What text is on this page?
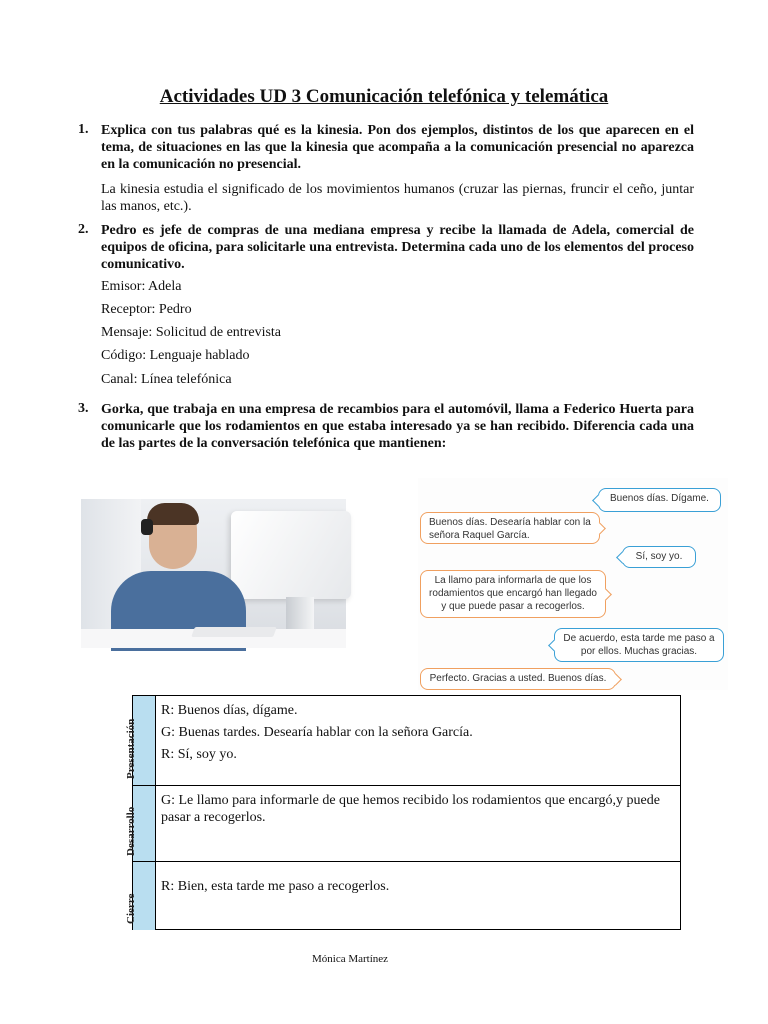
Actividades UD 3 Comunicación telefónica y telemática
1. Explica con tus palabras qué es la kinesia. Pon dos ejemplos, distintos de los que aparecen en el tema, de situaciones en las que la kinesia que acompaña a la comunicación presencial no aparezca en la comunicación no presencial.
La kinesia estudia el significado de los movimientos humanos (cruzar las piernas, fruncir el ceño, juntar las manos, etc.).
2. Pedro es jefe de compras de una mediana empresa y recibe la llamada de Adela, comercial de equipos de oficina, para solicitarle una entrevista. Determina cada uno de los elementos del proceso comunicativo.
Emisor: Adela
Receptor: Pedro
Mensaje: Solicitud de entrevista
Código: Lenguaje hablado
Canal: Línea telefónica
3. Gorka, que trabaja en una empresa de recambios para el automóvil, llama a Federico Huerta para comunicarle que los rodamientos en que estaba interesado ya se han recibido. Diferencia cada una de las partes de la conversación telefónica que mantienen:
Buenos días. Dígame.
Buenos días. Desearía hablar con la señora Raquel García.
Sí, soy yo.
La llamo para informarla de que los rodamientos que encargó han llegado y que puede pasar a recogerlos.
De acuerdo, esta tarde me paso a por ellos. Muchas gracias.
Perfecto. Gracias a usted. Buenos días.
Presentación
R: Buenos días, dígame.
G: Buenas tardes. Desearía hablar con la señora García.
R: Sí, soy yo.
Desarrollo
G: Le llamo para informarle de que hemos recibido los rodamientos que encargó,y puede pasar a recogerlos.
Cierre
R: Bien, esta tarde me paso a recogerlos.
Mónica Martínez
